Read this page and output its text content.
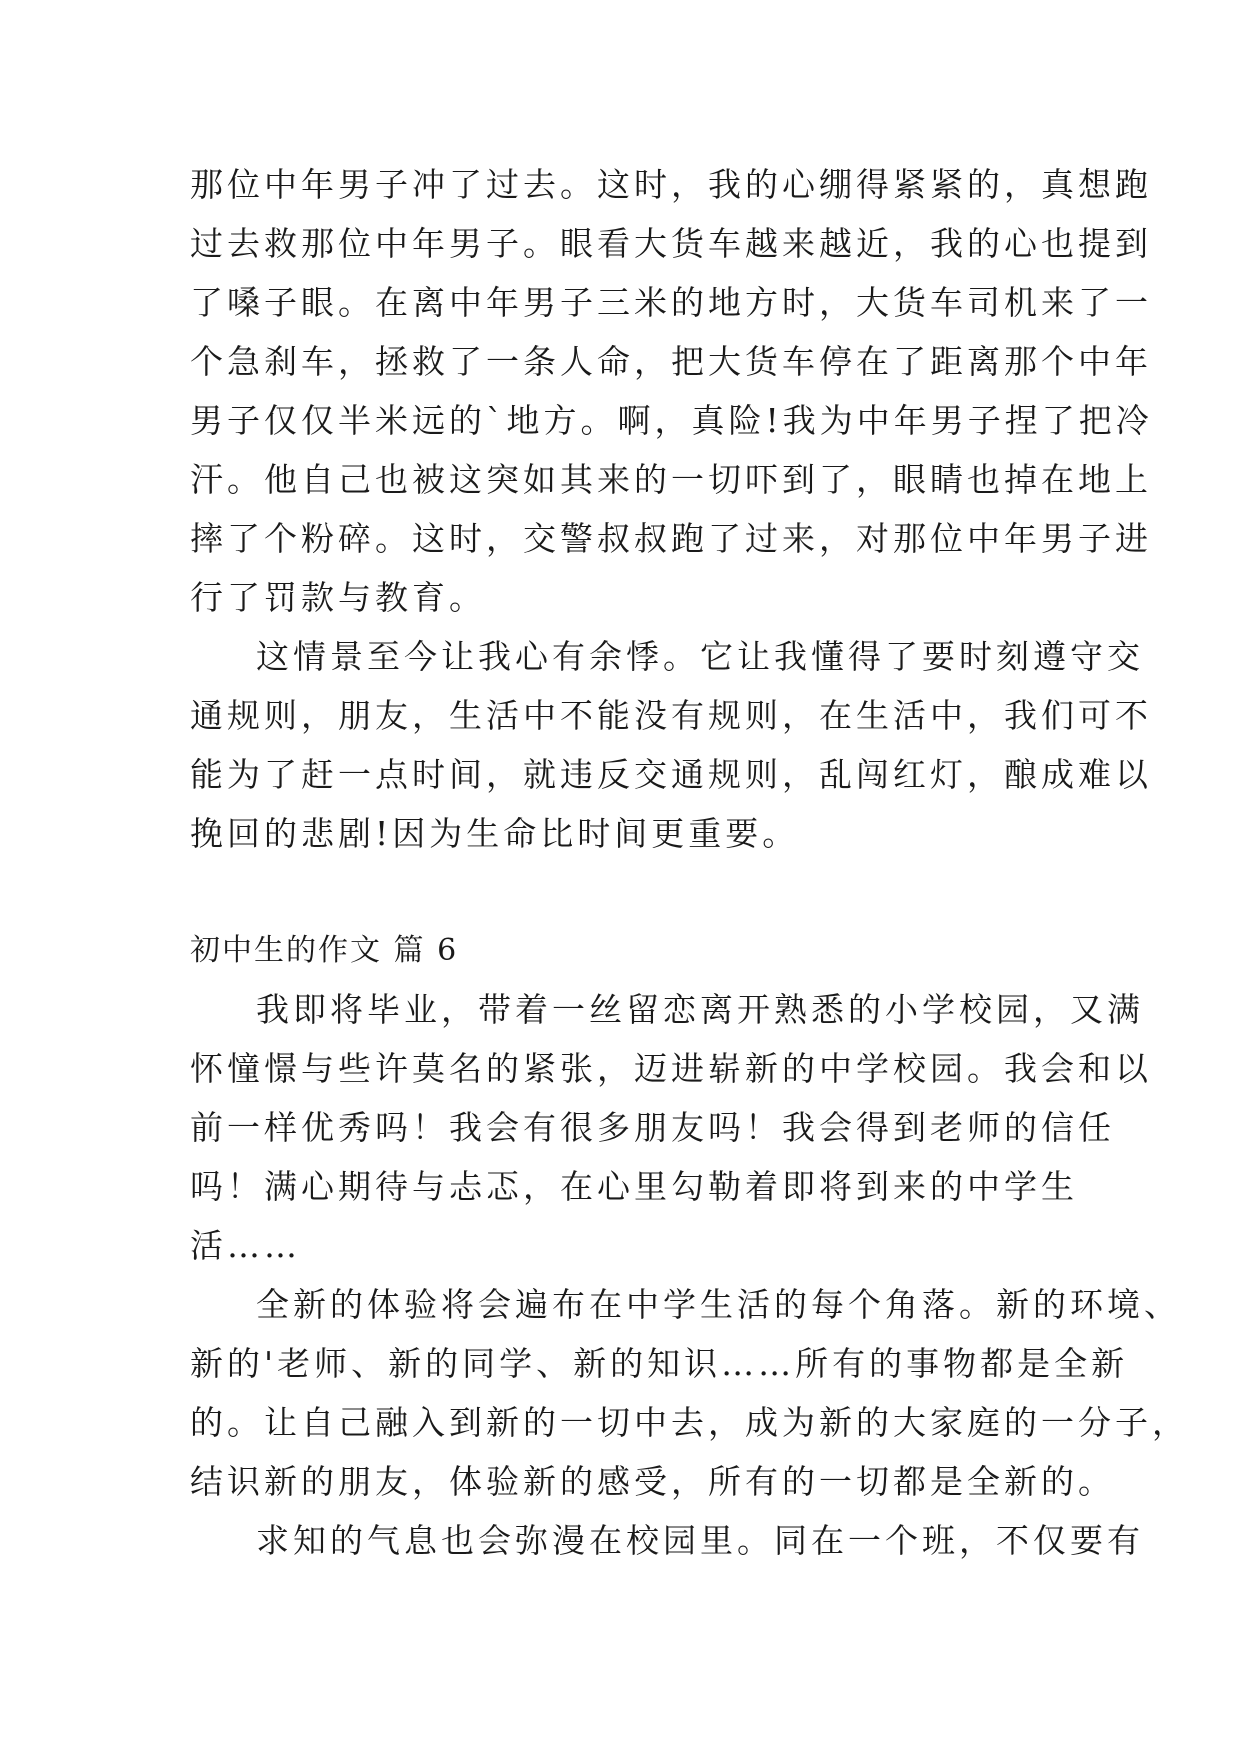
那位中年男子冲了过去。这时，我的心绷得紧紧的，真想跑
过去救那位中年男子。眼看大货车越来越近，我的心也提到
了嗓子眼。在离中年男子三米的地方时，大货车司机来了一
个急刹车，拯救了一条人命，把大货车停在了距离那个中年
男子仅仅半米远的`地方。啊，真险!我为中年男子捏了把冷
汗。他自己也被这突如其来的一切吓到了，眼睛也掉在地上
摔了个粉碎。这时，交警叔叔跑了过来，对那位中年男子进
行了罚款与教育。
这情景至今让我心有余悸。它让我懂得了要时刻遵守交
通规则，朋友，生活中不能没有规则，在生活中，我们可不
能为了赶一点时间，就违反交通规则，乱闯红灯，酿成难以
挽回的悲剧!因为生命比时间更重要。
初中生的作文 篇 6
我即将毕业，带着一丝留恋离开熟悉的小学校园，又满
怀憧憬与些许莫名的紧张，迈进崭新的中学校园。我会和以
前一样优秀吗！我会有很多朋友吗！我会得到老师的信任
吗！满心期待与忐忑，在心里勾勒着即将到来的中学生
活……
全新的体验将会遍布在中学生活的每个角落。新的环境、
新的'老师、新的同学、新的知识……所有的事物都是全新
的。让自己融入到新的一切中去，成为新的大家庭的一分子，
结识新的朋友，体验新的感受，所有的一切都是全新的。
求知的气息也会弥漫在校园里。同在一个班，不仅要有
